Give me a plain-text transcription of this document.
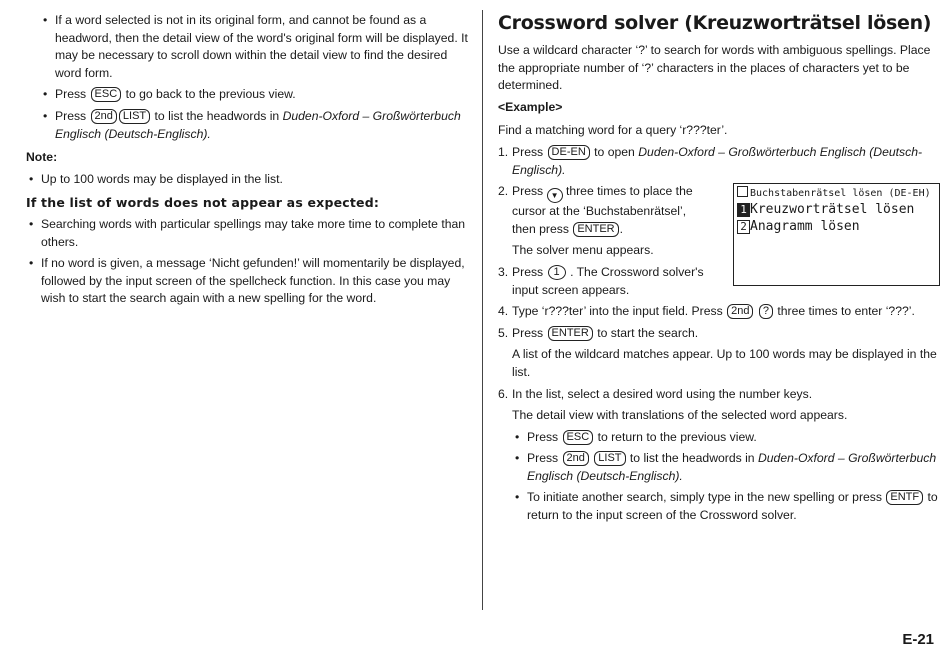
• If a word selected is not in its original form, and cannot be found as a headword, then the detail view of the word's original form will be displayed. It may be necessary to scroll down within the detail view to find the desired word form.
• Press ESC to go back to the previous view.
• Press 2nd LIST to list the headwords in Duden-Oxford – Großwörterbuch Englisch (Deutsch-Englisch).
Note:
• Up to 100 words may be displayed in the list.
If the list of words does not appear as expected:
• Searching words with particular spellings may take more time to complete than others.
• If no word is given, a message ‘Nicht gefunden!’ will momentarily be displayed, followed by the input screen of the spellcheck function. In this case you may wish to start the search again with a new spelling for the word.
Crossword solver (Kreuzworträtsel lösen)

Use a wildcard character ‘?’ to search for words with ambiguous spellings. Place the appropriate number of ‘?’ characters in the places of characters yet to be determined.

<Example>

Find a matching word for a query ‘r???ter’.

1. Press DE-EN to open Duden-Oxford – Großwörterbuch Englisch (Deutsch-Englisch).
2. Press ▼ three times to place the cursor at the ‘Buchstabenrätsel’, then press ENTER .
The solver menu appears.
3. Press 1 . The Crossword solver's input screen appears.
4. Type ‘r???ter’ into the input field. Press 2nd ? three times to enter ‘???’.
5. Press ENTER to start the search.
A list of the wildcard matches appear. Up to 100 words may be displayed in the list.
6. In the list, select a desired word using the number keys.
The detail view with translations of the selected word appears.
• Press ESC to return to the previous view.
• Press 2nd LIST to list the headwords in Duden-Oxford – Großwörterbuch Englisch (Deutsch-Englisch).
• To initiate another search, simply type in the new spelling or press ENTF to return to the input screen of the Crossword solver.
Buchstabenrätsel lösen (DE-EH)
1 Kreuzworträtsel lösen
2 Anagramm lösen
E-21
